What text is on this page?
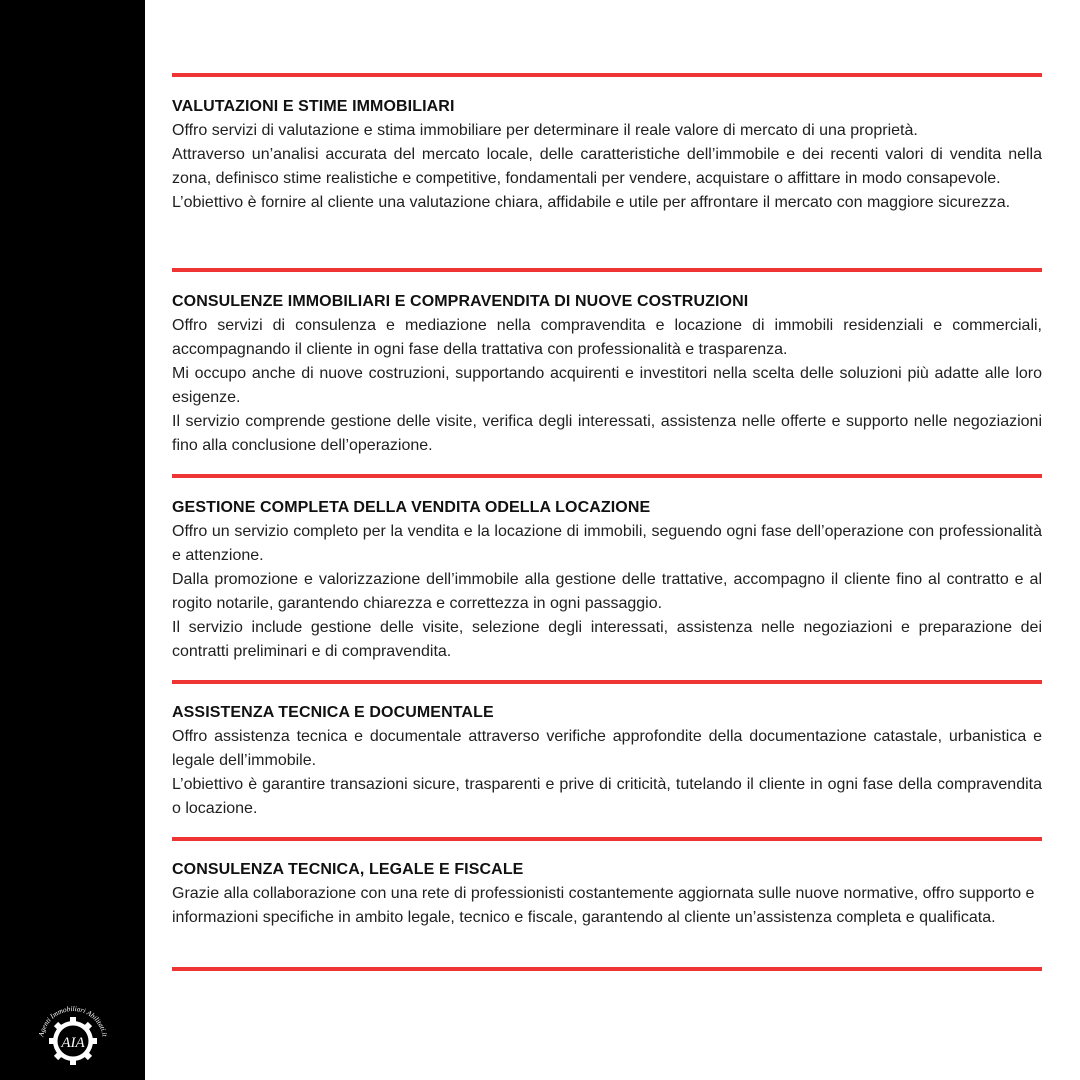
AIA
Agenti Immobiliari Abilitati.it
VALUTAZIONI E STIME IMMOBILIARI

Offro servizi di valutazione e stima immobiliare per determinare il reale valore di mercato di una proprietà.

Attraverso un’analisi accurata del mercato locale, delle caratteristiche dell’immobile e dei recenti valori di vendita nella zona, definisco stime realistiche e competitive, fondamentali per vendere, acquistare o affittare in modo consapevole.

L’obiettivo è fornire al cliente una valutazione chiara, affidabile e utile per affrontare il mercato con maggiore sicurezza.

CONSULENZE IMMOBILIARI E COMPRAVENDITA DI NUOVE COSTRUZIONI

Offro servizi di consulenza e mediazione nella compravendita e locazione di immobili residenziali e commerciali, accompagnando il cliente in ogni fase della trattativa con professionalità e trasparenza.

Mi occupo anche di nuove costruzioni, supportando acquirenti e investitori nella scelta delle soluzioni più adatte alle loro esigenze.

Il servizio comprende gestione delle visite, verifica degli interessati, assistenza nelle offerte e supporto nelle negoziazioni fino alla conclusione dell’operazione.

GESTIONE COMPLETA DELLA VENDITA ODELLA LOCAZIONE

Offro un servizio completo per la vendita e la locazione di immobili, seguendo ogni fase dell’operazione con professionalità e attenzione.

Dalla promozione e valorizzazione dell’immobile alla gestione delle trattative, accompagno il cliente fino al contratto e al rogito notarile, garantendo chiarezza e correttezza in ogni passaggio.

Il servizio include gestione delle visite, selezione degli interessati, assistenza nelle negoziazioni e preparazione dei contratti preliminari e di compravendita.

ASSISTENZA TECNICA E DOCUMENTALE

Offro assistenza tecnica e documentale attraverso verifiche approfondite della documentazione catastale, urbanistica e legale dell’immobile.

L’obiettivo è garantire transazioni sicure, trasparenti e prive di criticità, tutelando il cliente in ogni fase della compravendita o locazione.

CONSULENZA TECNICA, LEGALE E FISCALE

Grazie alla collaborazione con una rete di professionisti costantemente aggiornata sulle nuove normative, offro supporto e informazioni specifiche in ambito legale, tecnico e fiscale, garantendo al cliente un’assistenza completa e qualificata.
